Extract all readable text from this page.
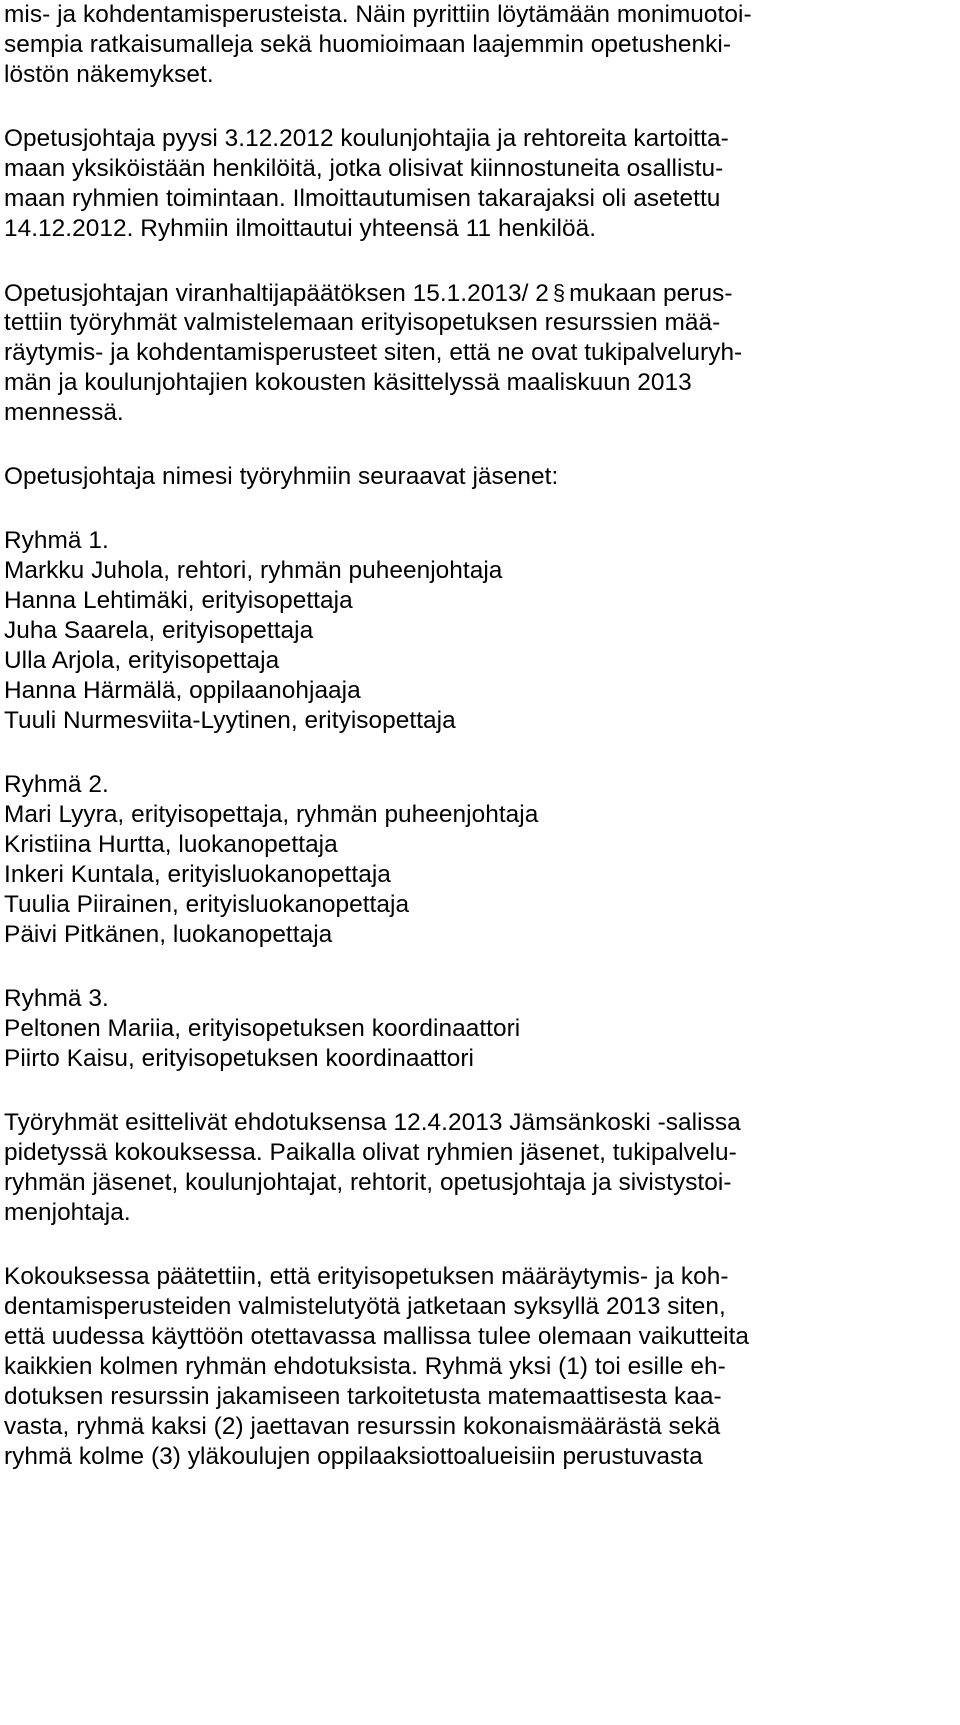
mis- ja kohdentamisperusteista. Näin pyrittiin löytämään monimuotoi-
sempia ratkaisumalleja sekä huomioimaan laajemmin opetushenki-
löstön näkemykset.
Opetusjohtaja pyysi 3.12.2012 koulunjohtajia ja rehtoreita kartoitta-
maan yksiköistään henkilöitä, jotka olisivat kiinnostuneita osallistu-
maan ryhmien toimintaan. Ilmoittautumisen takarajaksi oli asetettu
14.12.2012. Ryhmiin ilmoittautui yhteensä 11 henkilöä.
Opetusjohtajan viranhaltijapäätöksen 15.1.2013/ 2 § mukaan perus-
tettiin työryhmät valmistelemaan erityisopetuksen resurssien mää-
räytymis- ja kohdentamisperusteet siten, että ne ovat tukipalveluryh-
män ja koulunjohtajien kokousten käsittelyssä maaliskuun 2013
mennessä.
Opetusjohtaja nimesi työryhmiin seuraavat jäsenet:
Ryhmä 1.
Markku Juhola, rehtori, ryhmän puheenjohtaja
Hanna Lehtimäki, erityisopettaja
Juha Saarela, erityisopettaja
Ulla Arjola, erityisopettaja
Hanna Härmälä, oppilaanohjaaja
Tuuli Nurmesviita-Lyytinen, erityisopettaja
Ryhmä 2.
Mari Lyyra, erityisopettaja, ryhmän puheenjohtaja
Kristiina Hurtta, luokanopettaja
Inkeri Kuntala, erityisluokanopettaja
Tuulia Piirainen, erityisluokanopettaja
Päivi Pitkänen, luokanopettaja
Ryhmä 3.
Peltonen Mariia, erityisopetuksen koordinaattori
Piirto Kaisu, erityisopetuksen koordinaattori
Työryhmät esittelivät ehdotuksensa 12.4.2013 Jämsänkoski -salissa
pidetyssä kokouksessa. Paikalla olivat ryhmien jäsenet, tukipalvelu-
ryhmän jäsenet, koulunjohtajat, rehtorit, opetusjohtaja ja sivistystoi-
menjohtaja.
Kokouksessa päätettiin, että erityisopetuksen määräytymis- ja koh-
dentamisperusteiden valmistelutyötä jatketaan syksyllä 2013 siten,
että uudessa käyttöön otettavassa mallissa tulee olemaan vaikutteita
kaikkien kolmen ryhmän ehdotuksista. Ryhmä yksi (1) toi esille eh-
dotuksen resurssin jakamiseen tarkoitetusta matemaattisesta kaa-
vasta, ryhmä kaksi (2) jaettavan resurssin kokonaismäärästä sekä
ryhmä kolme (3) yläkoulujen oppilaaksiottoalueisiin perustuvasta
